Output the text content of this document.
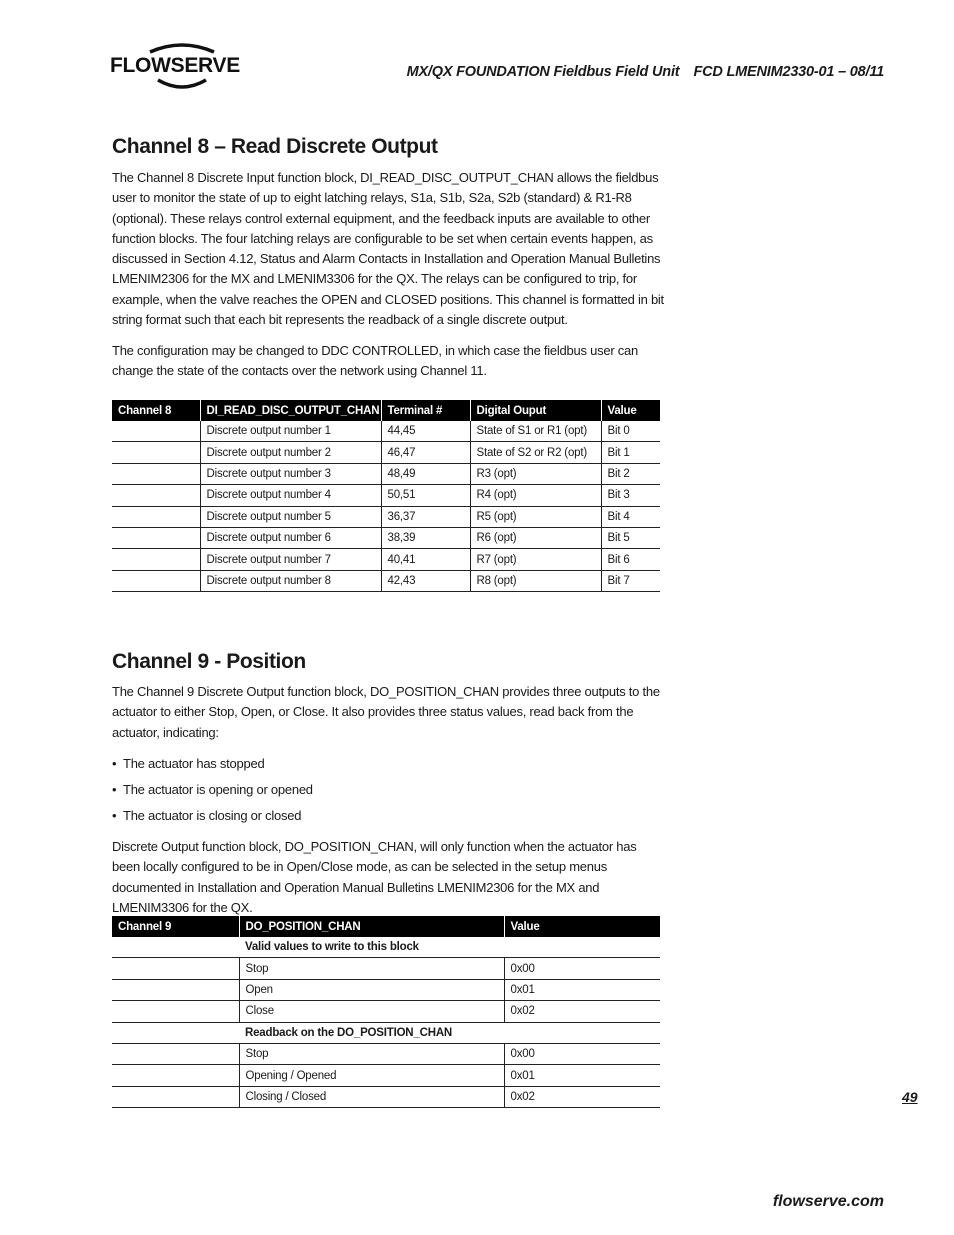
FLOWSERVE	MX/QX FOUNDATION Fieldbus Field Unit FCD LMENIM2330-01 – 08/11
Channel 8 – Read Discrete Output

The Channel 8 Discrete Input function block, DI_READ_DISC_OUTPUT_CHAN allows the fieldbus user to monitor the state of up to eight latching relays, S1a, S1b, S2a, S2b (standard) & R1-R8 (optional). These relays control external equipment, and the feedback inputs are available to other function blocks. The four latching relays are configurable to be set when certain events happen, as discussed in Section 4.12, Status and Alarm Contacts in Installation and Operation Manual Bulletins LMENIM2306 for the MX and LMENIM3306 for the QX. The relays can be configured to trip, for example, when the valve reaches the OPEN and CLOSED positions. This channel is formatted in bit string format such that each bit represents the readback of a single discrete output.

The configuration may be changed to DDC CONTROLLED, in which case the fieldbus user can change the state of the contacts over the network using Channel 11.

Channel 8	DI_READ_DISC_OUTPUT_CHAN	Terminal #	Digital Ouput	Value
	Discrete output number 1	44,45	State of S1 or R1 (opt)	Bit 0
	Discrete output number 2	46,47	State of S2 or R2 (opt)	Bit 1
	Discrete output number 3	48,49	R3 (opt)	Bit 2
	Discrete output number 4	50,51	R4 (opt)	Bit 3
	Discrete output number 5	36,37	R5 (opt)	Bit 4
	Discrete output number 6	38,39	R6 (opt)	Bit 5
	Discrete output number 7	40,41	R7 (opt)	Bit 6
	Discrete output number 8	42,43	R8 (opt)	Bit 7
Channel 9 - Position

The Channel 9 Discrete Output function block, DO_POSITION_CHAN provides three outputs to the actuator to either Stop, Open, or Close. It also provides three status values, read back from the actuator, indicating:

• The actuator has stopped
• The actuator is opening or opened
• The actuator is closing or closed

Discrete Output function block, DO_POSITION_CHAN, will only function when the actuator has been locally configured to be in Open/Close mode, as can be selected in the setup menus documented in Installation and Operation Manual Bulletins LMENIM2306 for the MX and LMENIM3306 for the QX.

Channel 9	DO_POSITION_CHAN	Value
	Valid values to write to this block	
	Stop	0x00
	Open	0x01
	Close	0x02
	Readback on the DO_POSITION_CHAN	
	Stop	0x00
	Opening / Opened	0x01
	Closing / Closed	0x02	49
flowserve.com
